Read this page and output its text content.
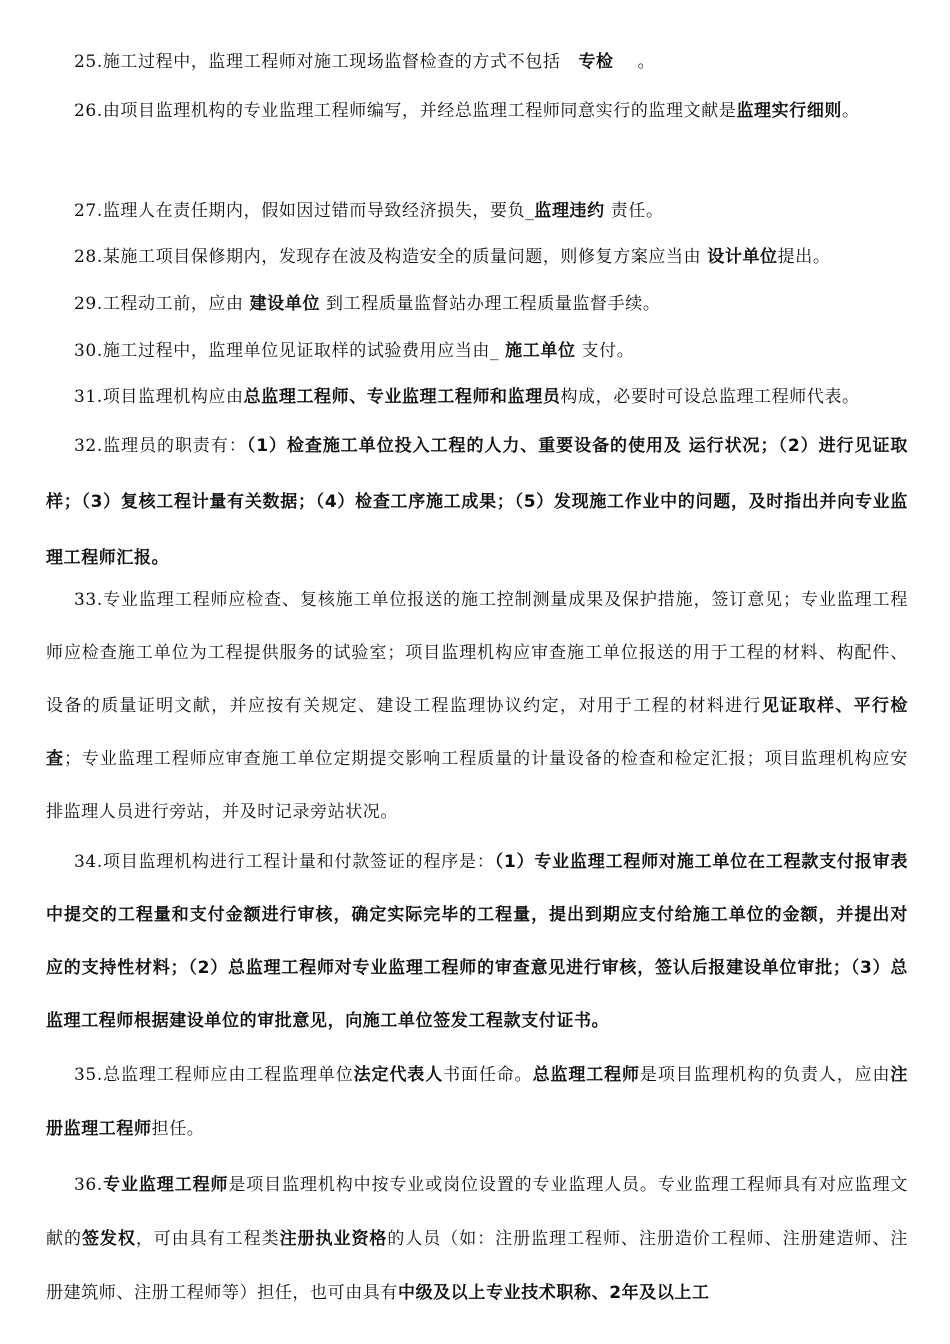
25.施工过程中，监理工程师对施工现场监督检查的方式不包括 专检 。
26.由项目监理机构的专业监理工程师编写，并经总监理工程师同意实行的监理文献是监理实行细则。
27.监理人在责任期内，假如因过错而导致经济损失，要负_监理违约 责任。
28.某施工项目保修期内，发现存在波及构造安全的质量问题，则修复方案应当由 设计单位提出。
29.工程动工前，应由 建设单位 到工程质量监督站办理工程质量监督手续。
30.施工过程中，监理单位见证取样的试验费用应当由_ 施工单位 支付。
31.项目监理机构应由总监理工程师、专业监理工程师和监理员构成，必要时可设总监理工程师代表。
32.监理员的职责有：（1）检查施工单位投入工程的人力、重要设备的使用及 运行状况；（2）进行见证取样；（3）复核工程计量有关数据；（4）检查工序施工成果；（5）发现施工作业中的问题，及时指出并向专业监理工程师汇报。
33.专业监理工程师应检查、复核施工单位报送的施工控制测量成果及保护措施，签订意见；专业监理工程师应检查施工单位为工程提供服务的试验室；项目监理机构应审查施工单位报送的用于工程的材料、构配件、设备的质量证明文献，并应按有关规定、建设工程监理协议约定，对用于工程的材料进行见证取样、平行检查；专业监理工程师应审查施工单位定期提交影响工程质量的计量设备的检查和检定汇报；项目监理机构应安排监理人员进行旁站，并及时记录旁站状况。
34.项目监理机构进行工程计量和付款签证的程序是：（1）专业监理工程师对施工单位在工程款支付报审表中提交的工程量和支付金额进行审核，确定实际完毕的工程量，提出到期应支付给施工单位的金额，并提出对应的支持性材料；（2）总监理工程师对专业监理工程师的审查意见进行审核，签认后报建设单位审批；（3）总监理工程师根据建设单位的审批意见，向施工单位签发工程款支付证书。
35.总监理工程师应由工程监理单位法定代表人书面任命。总监理工程师是项目监理机构的负责人，应由注册监理工程师担任。
36.专业监理工程师是项目监理机构中按专业或岗位设置的专业监理人员。专业监理工程师具有对应监理文献的签发权，可由具有工程类注册执业资格的人员（如：注册监理工程师、注册造价工程师、注册建造师、注册建筑师、注册工程师等）担任，也可由具有中级及以上专业技术职称、2年及以上工
